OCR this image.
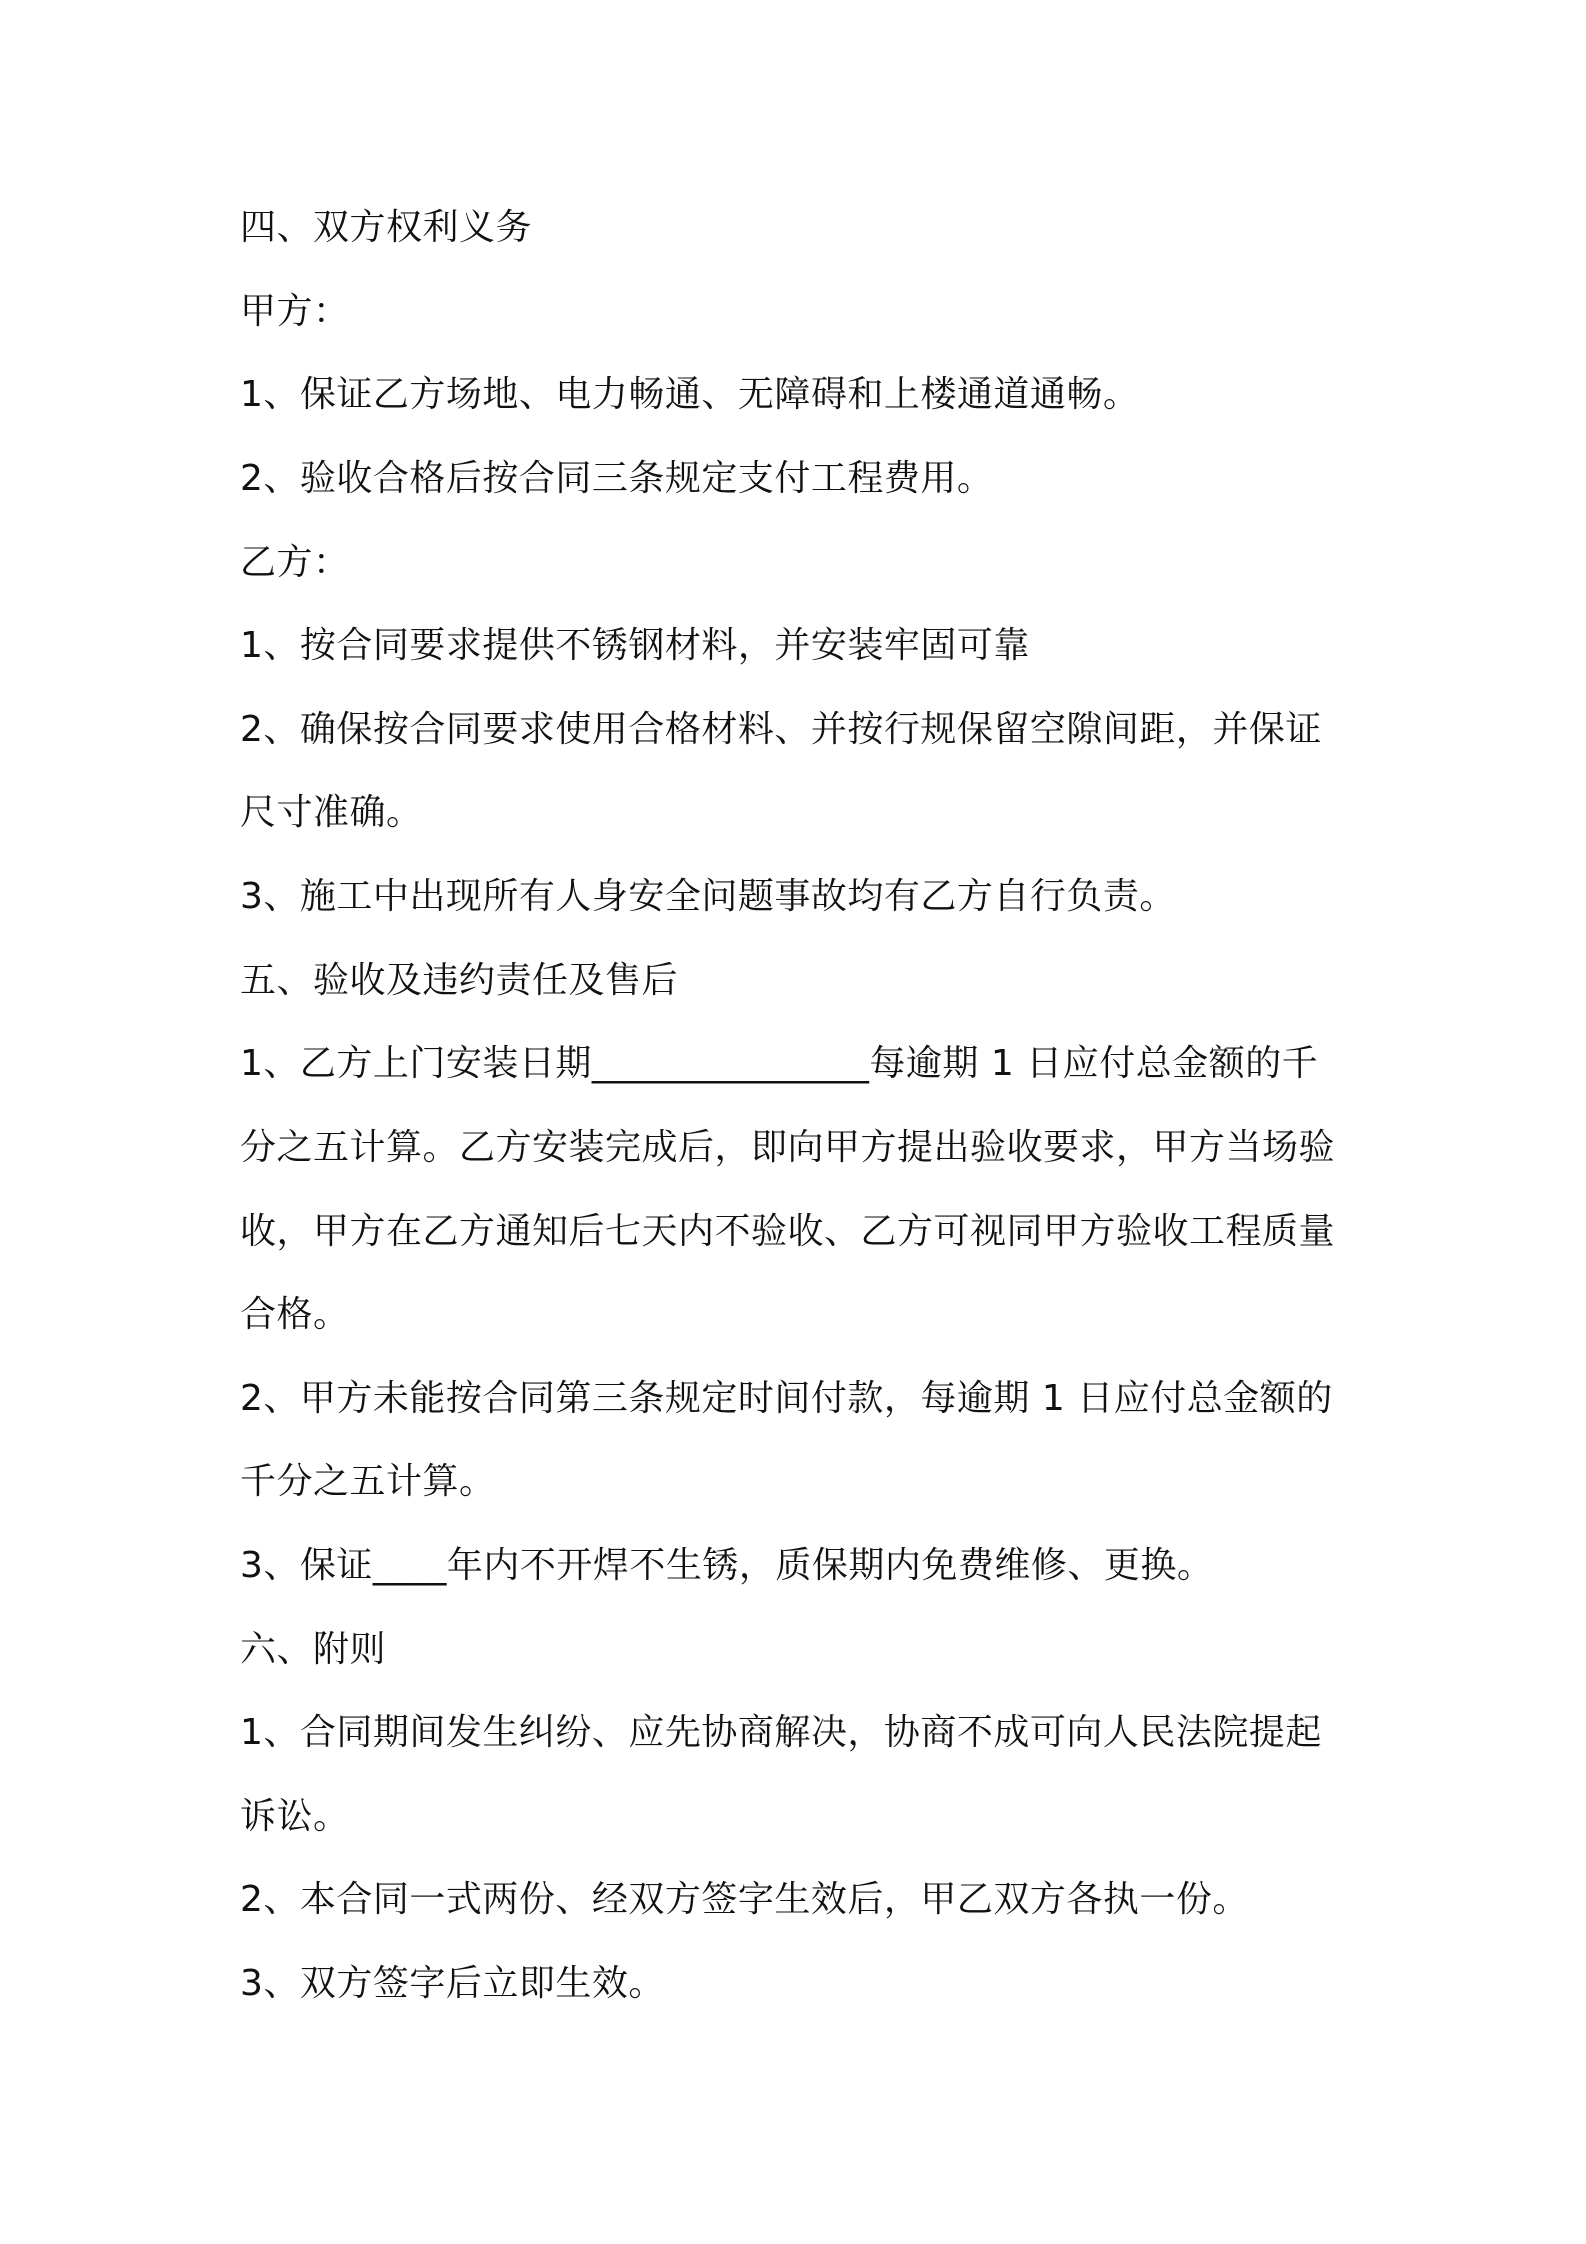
四、双方权利义务

甲方：

1、保证乙方场地、电力畅通、无障碍和上楼通道通畅。

2、验收合格后按合同三条规定支付工程费用。

乙方：

1、按合同要求提供不锈钢材料，并安装牢固可靠

2、确保按合同要求使用合格材料、并按行规保留空隙间距，并保证

尺寸准确。

3、施工中出现所有人身安全问题事故均有乙方自行负责。

五、验收及违约责任及售后

1、乙方上门安装日期_______________每逾期 1 日应付总金额的千

分之五计算。乙方安装完成后，即向甲方提出验收要求，甲方当场验

收，甲方在乙方通知后七天内不验收、乙方可视同甲方验收工程质量

合格。

2、甲方未能按合同第三条规定时间付款，每逾期 1 日应付总金额的

千分之五计算。

3、保证____年内不开焊不生锈，质保期内免费维修、更换。

六、附则

1、合同期间发生纠纷、应先协商解决，协商不成可向人民法院提起

诉讼。

2、本合同一式两份、经双方签字生效后，甲乙双方各执一份。

3、双方签字后立即生效。
